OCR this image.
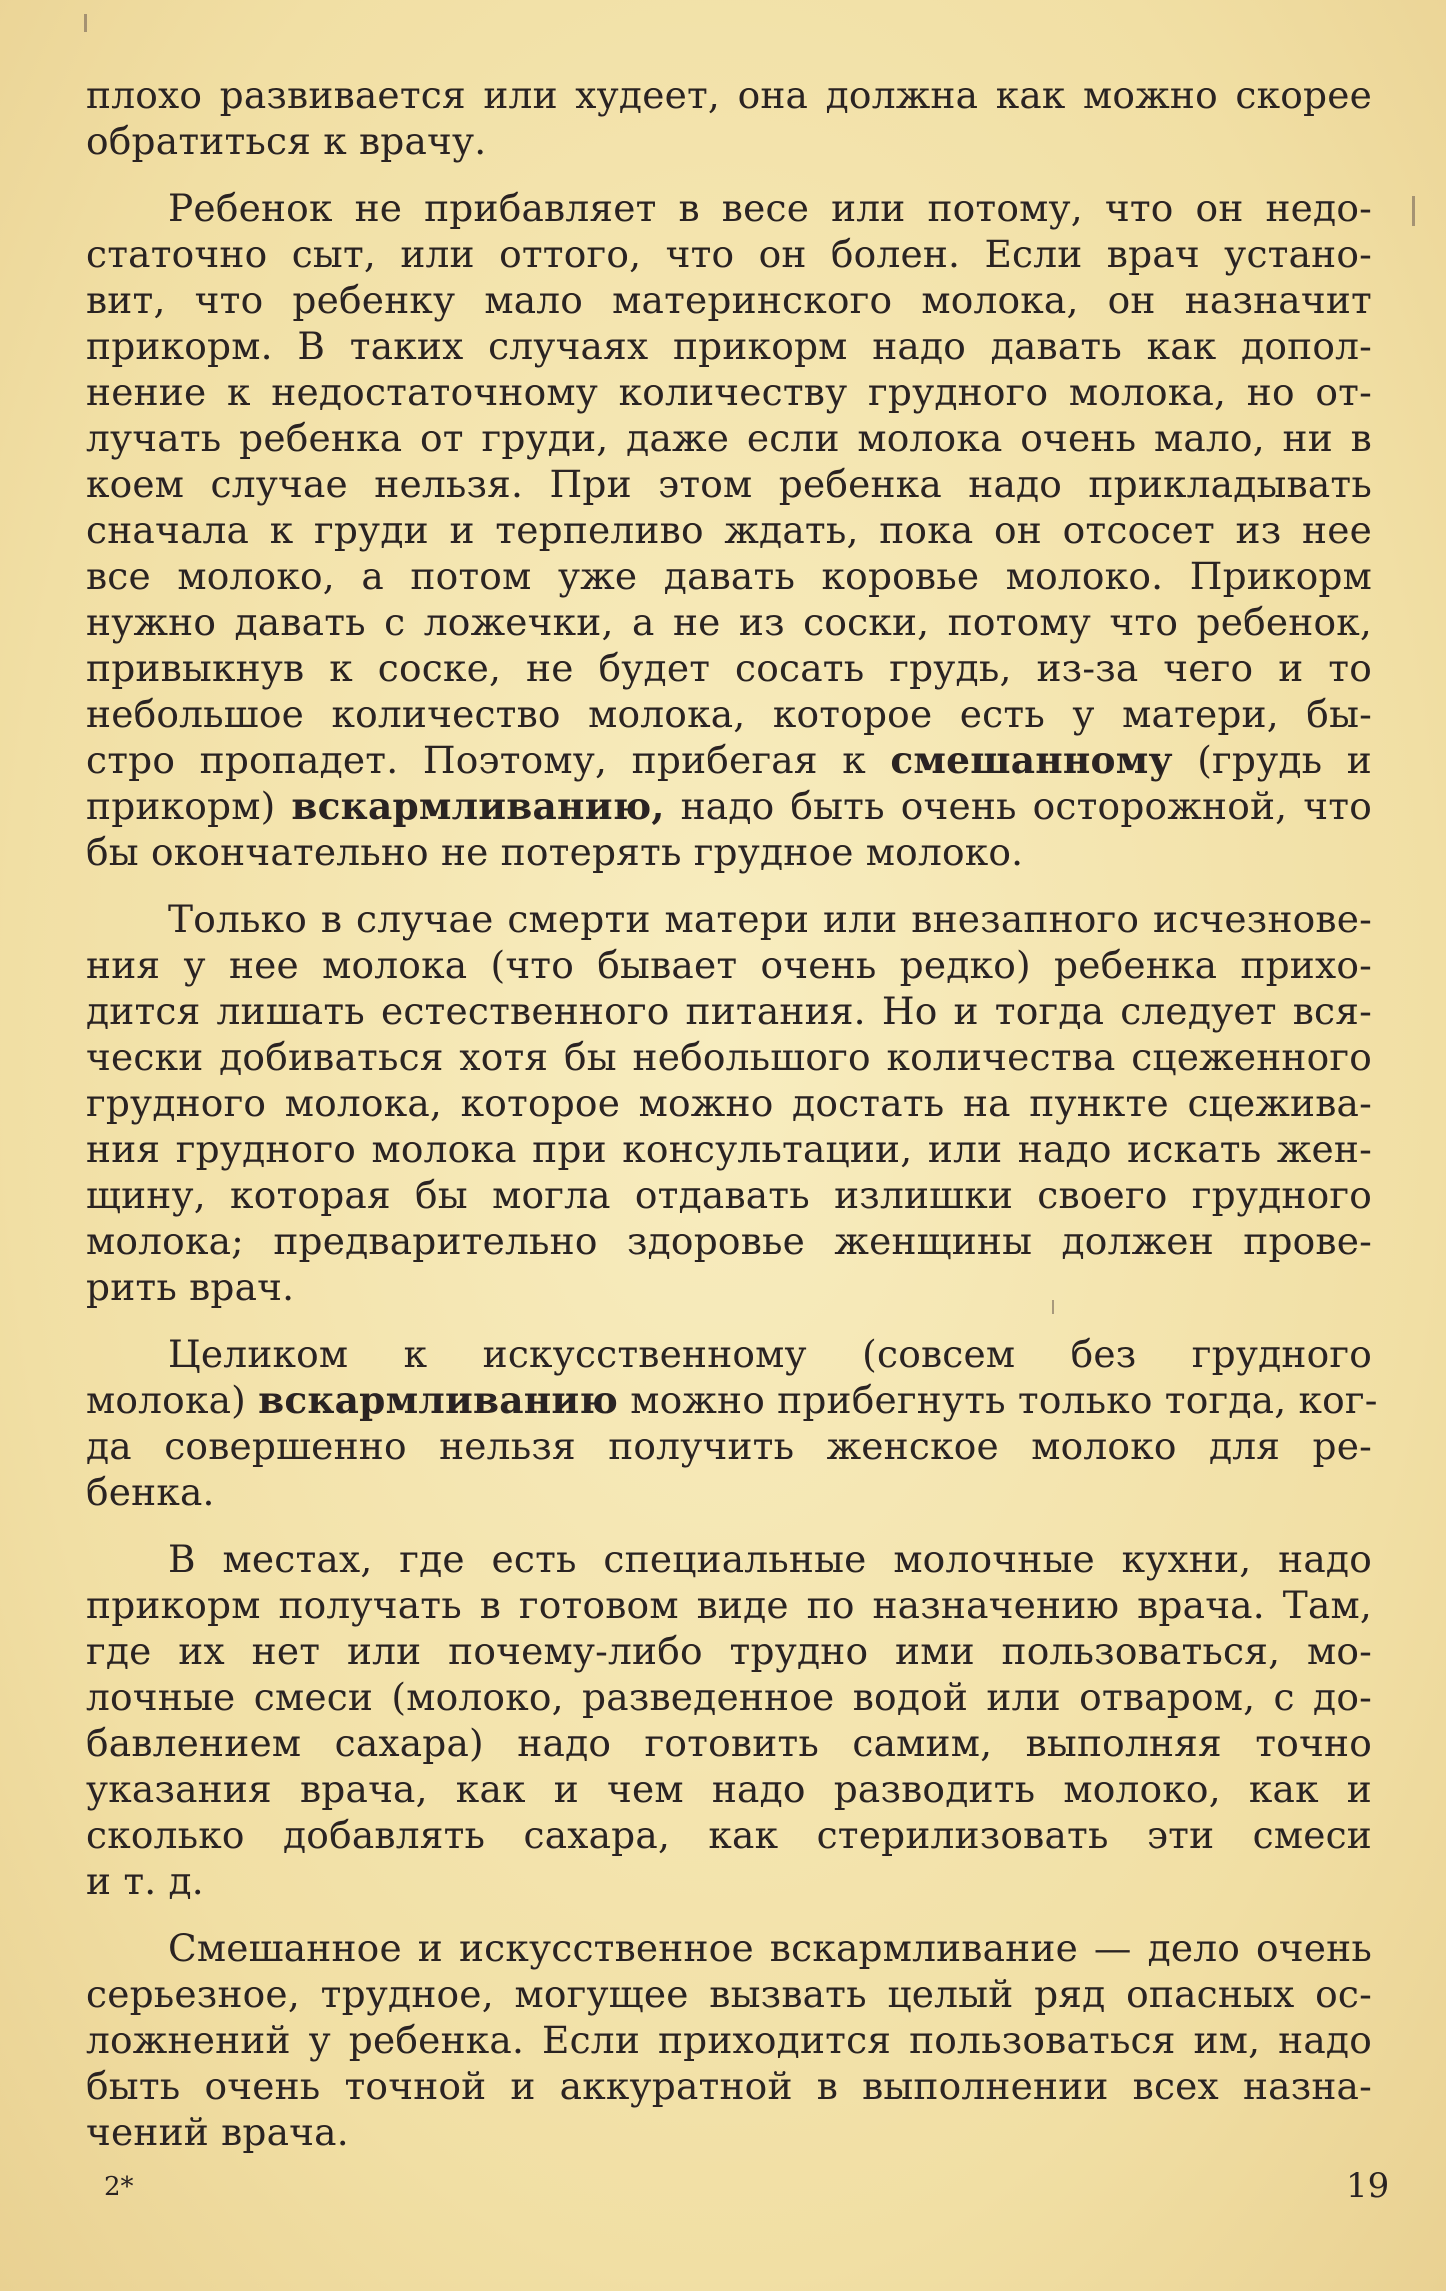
плохо развивается или худеет, она должна как можно скорее
обратиться к врачу.

Ребенок не прибавляет в весе или потому, что он недо-
статочно сыт, или оттого, что он болен. Если врач устано-
вит, что ребенку мало материнского молока, он назначит
прикорм. В таких случаях прикорм надо давать как допол-
нение к недостаточному количеству грудного молока, но от-
лучать ребенка от груди, даже если молока очень мало, ни в
коем случае нельзя. При этом ребенка надо прикладывать
сначала к груди и терпеливо ждать, пока он отсосет из нее
все молоко, а потом уже давать коровье молоко. Прикорм
нужно давать с ложечки, а не из соски, потому что ребенок,
привыкнув к соске, не будет сосать грудь, из-за чего и то
небольшое количество молока, которое есть у матери, бы-
стро пропадет. Поэтому, прибегая к смешанному (грудь и
прикорм) вскармливанию, надо быть очень осторожной, что
бы окончательно не потерять грудное молоко.

Только в случае смерти матери или внезапного исчезнове-
ния у нее молока (что бывает очень редко) ребенка прихо-
дится лишать естественного питания. Но и тогда следует вся-
чески добиваться хотя бы небольшого количества сцеженного
грудного молока, которое можно достать на пункте сцежива-
ния грудного молока при консультации, или надо искать жен-
щину, которая бы могла отдавать излишки своего грудного
молока; предварительно здоровье женщины должен прове-
рить врач.

Целиком к искусственному (совсем без грудного
молока) вскармливанию можно прибегнуть только тогда, ког-
да совершенно нельзя получить женское молоко для ре-
бенка.

В местах, где есть специальные молочные кухни, надо
прикорм получать в готовом виде по назначению врача. Там,
где их нет или почему-либо трудно ими пользоваться, мо-
лочные смеси (молоко, разведенное водой или отваром, с до-
бавлением сахара) надо готовить самим, выполняя точно
указания врача, как и чем надо разводить молоко, как и
сколько добавлять сахара, как стерилизовать эти смеси
и т. д.

Смешанное и искусственное вскармливание — дело очень
серьезное, трудное, могущее вызвать целый ряд опасных ос-
ложнений у ребенка. Если приходится пользоваться им, надо
быть очень точной и аккуратной в выполнении всех назна-
чений врача.

2*	19
